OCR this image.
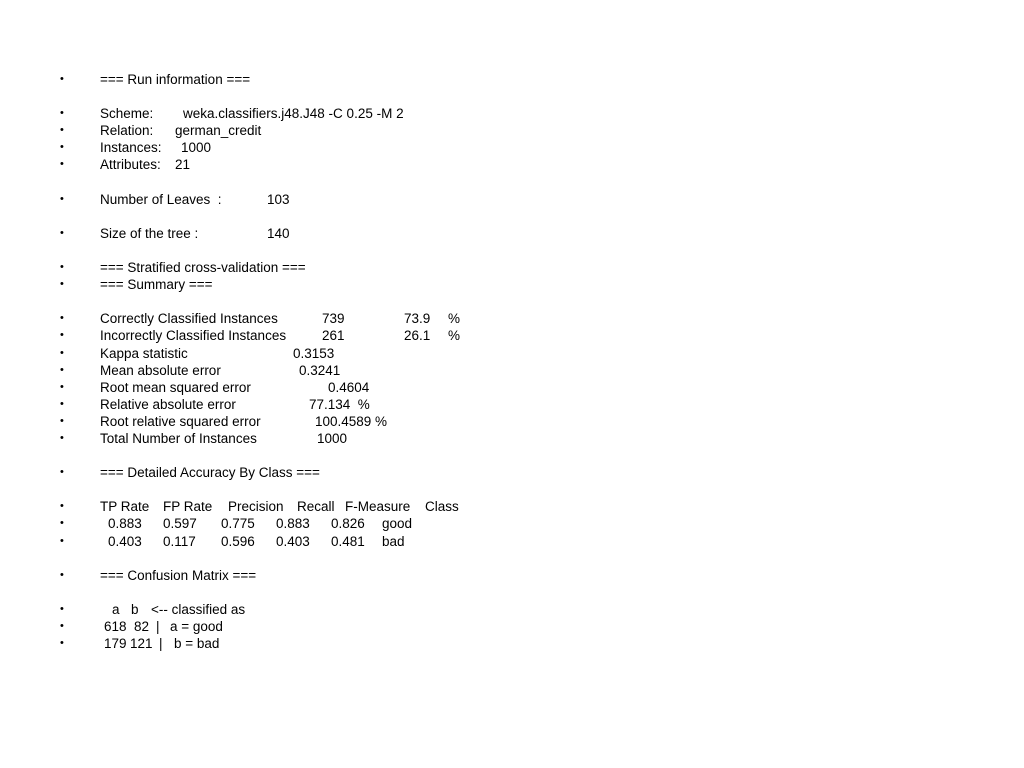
•

	=== Run information ===

•

	Scheme:

weka.classifiers.j48.J48 -C 0.25 -M 2

•

	Relation:

german_credit

•

	Instances:

1000

•

	Attributes:

21

•

	Number of Leaves  :

	103

•

	Size of the tree :

	140

•

	=== Stratified cross-validation ===

•

	=== Summary ===

•

	Correctly Classified Instances

	739

	73.9

%

•

	Incorrectly Classified Instances

	261

	26.1

%

•

	Kappa statistic

	0.3153

•

	Mean absolute error

	0.3241

•

	Root mean squared error

	0.4604

•

	Relative absolute error

	77.134  %

•

	Root relative squared error

	100.4589 %

•

	Total Number of Instances

	1000

•

	=== Detailed Accuracy By Class ===

•

	TP Rate

FP Rate

Precision

Recall

F-Measure

Class

•

	0.883

0.597

0.775

0.883

0.826

good

•

	0.403

0.117

0.596

0.403

0.481

bad

•

	=== Confusion Matrix ===

•

	a

b

<-- classified as

•

	618

82

|

a = good

•

	179

121

|

b = bad
